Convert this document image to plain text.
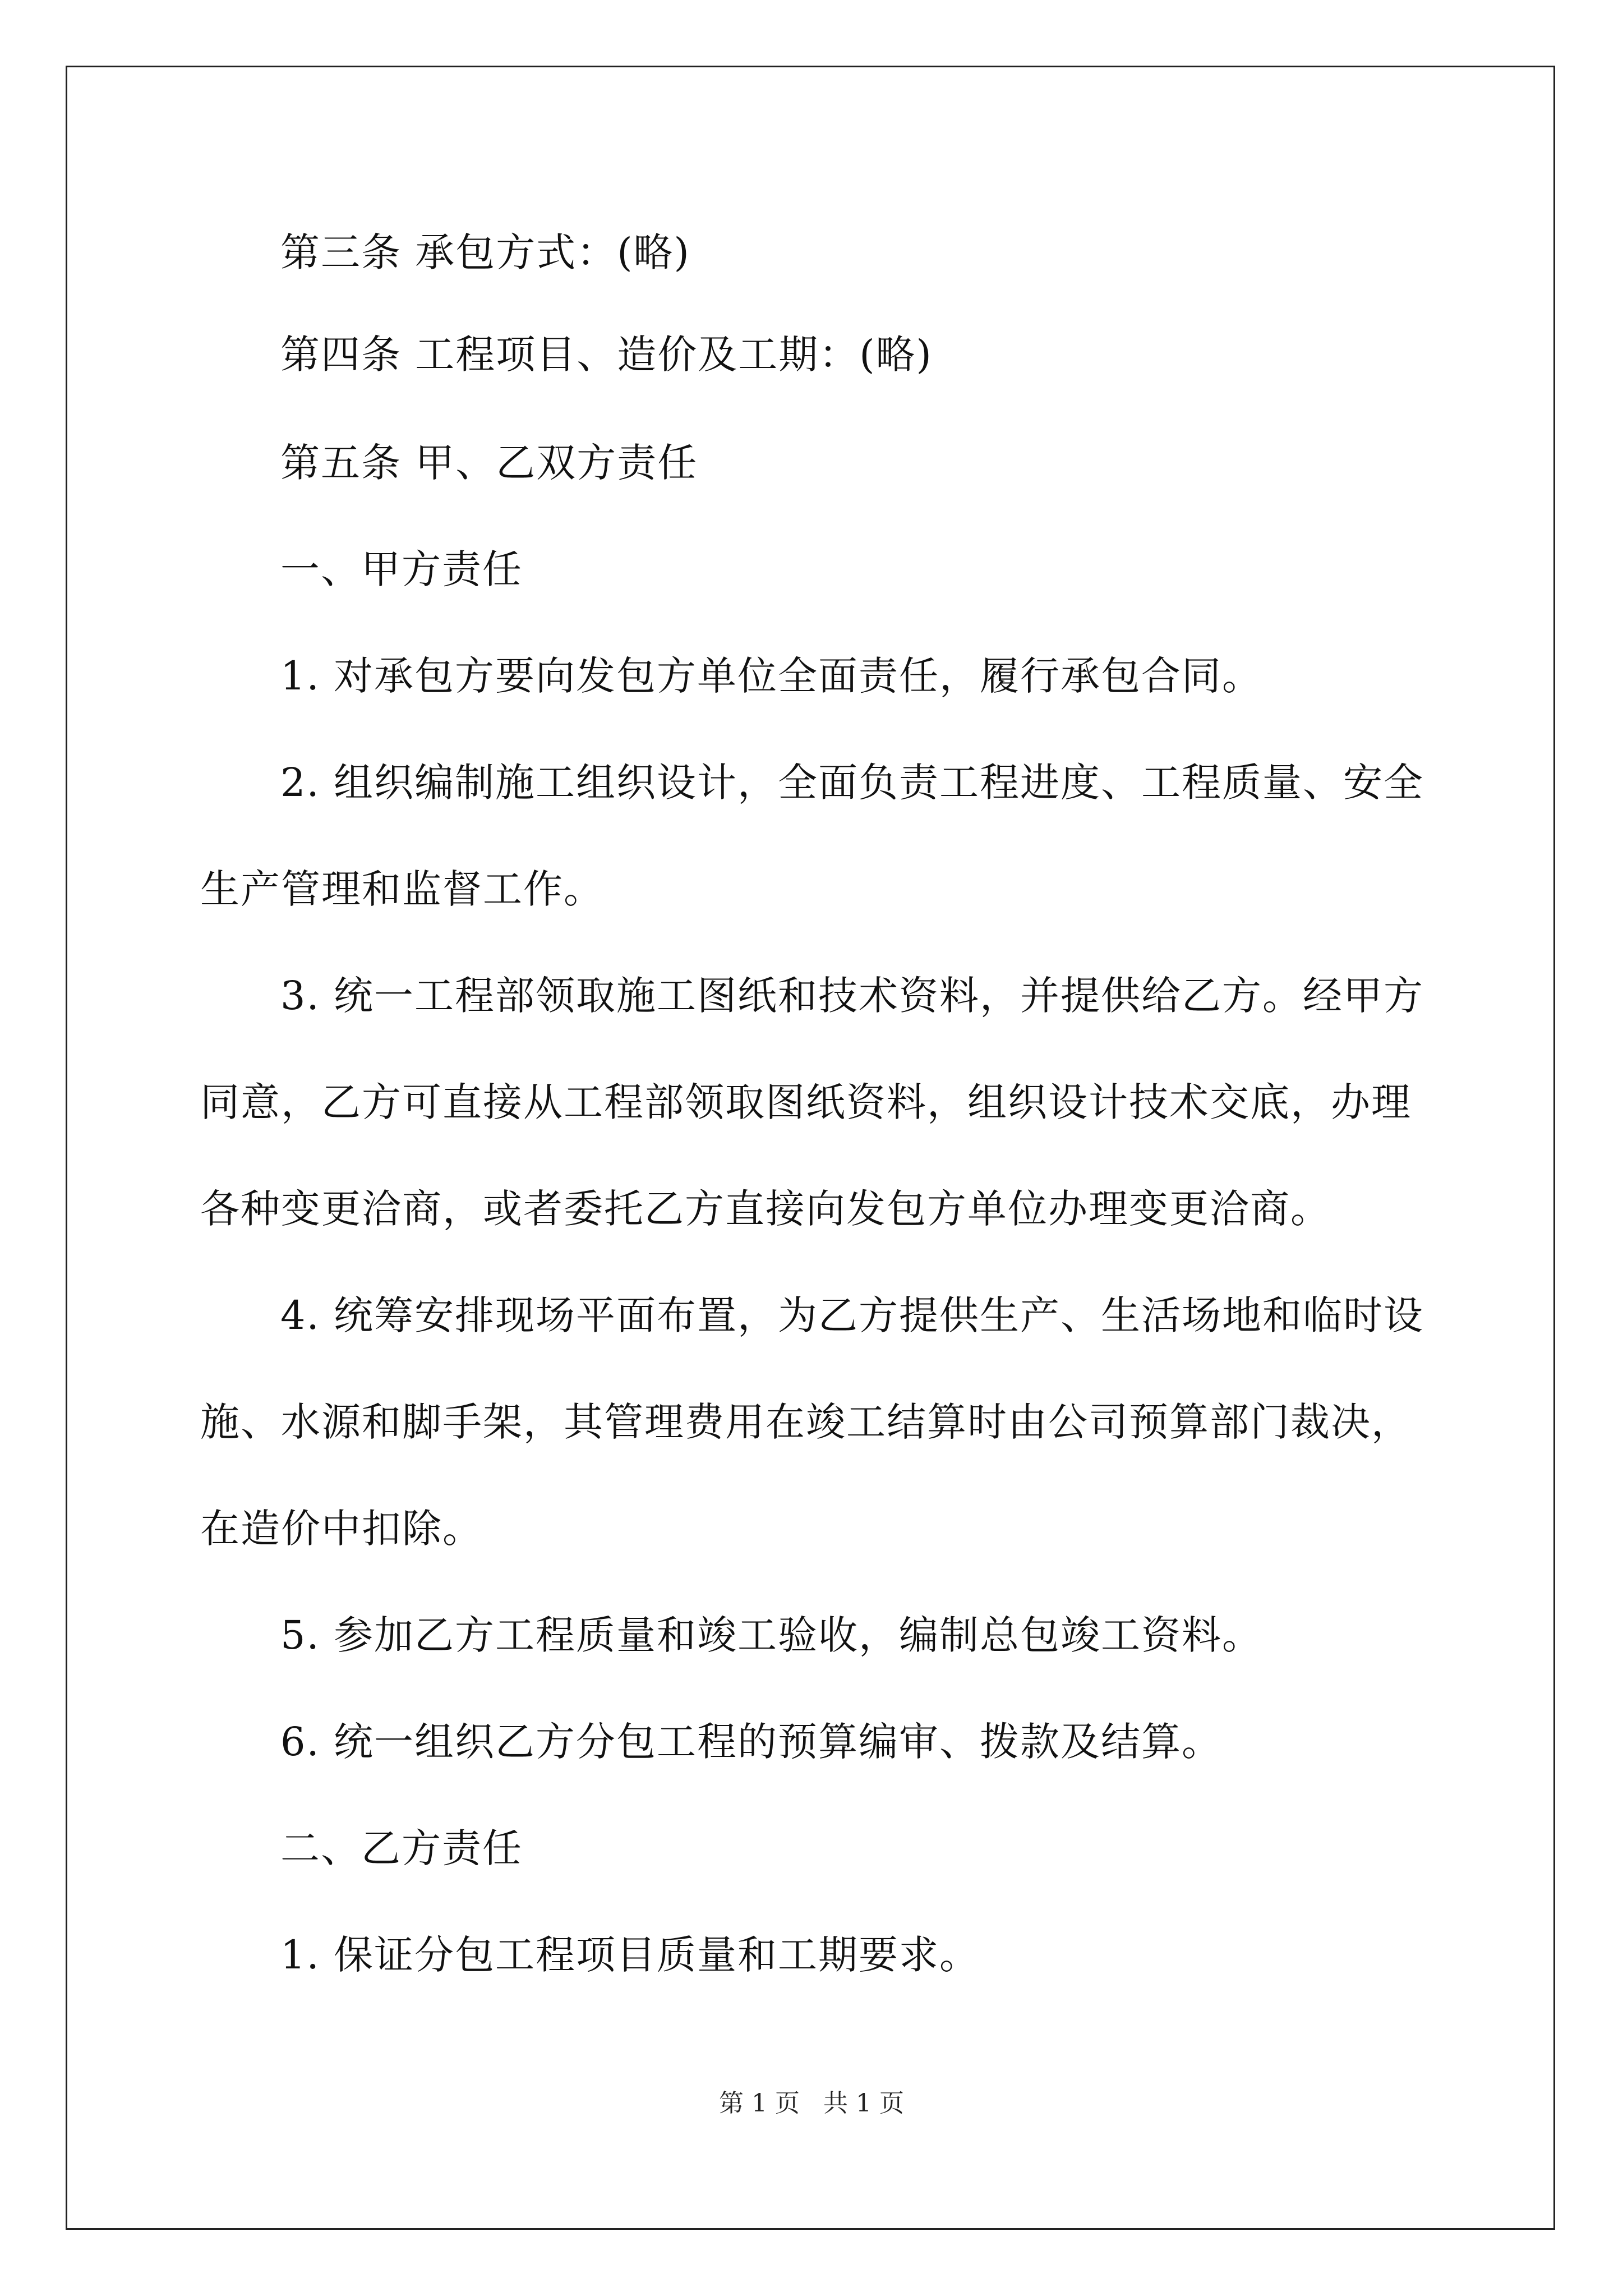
第三条 承包方式：(略)
第四条 工程项目、造价及工期：(略)
第五条 甲、乙双方责任
一、甲方责任
1. 对承包方要向发包方单位全面责任，履行承包合同。
2. 组织编制施工组织设计，全面负责工程进度、工程质量、安全
生产管理和监督工作。
3. 统一工程部领取施工图纸和技术资料，并提供给乙方。经甲方
同意，乙方可直接从工程部领取图纸资料，组织设计技术交底，办理
各种变更洽商，或者委托乙方直接向发包方单位办理变更洽商。
4. 统筹安排现场平面布置，为乙方提供生产、生活场地和临时设
施、水源和脚手架，其管理费用在竣工结算时由公司预算部门裁决，
在造价中扣除。
5. 参加乙方工程质量和竣工验收，编制总包竣工资料。
6. 统一组织乙方分包工程的预算编审、拨款及结算。
二、乙方责任
1. 保证分包工程项目质量和工期要求。
第 1 页 共 1 页
